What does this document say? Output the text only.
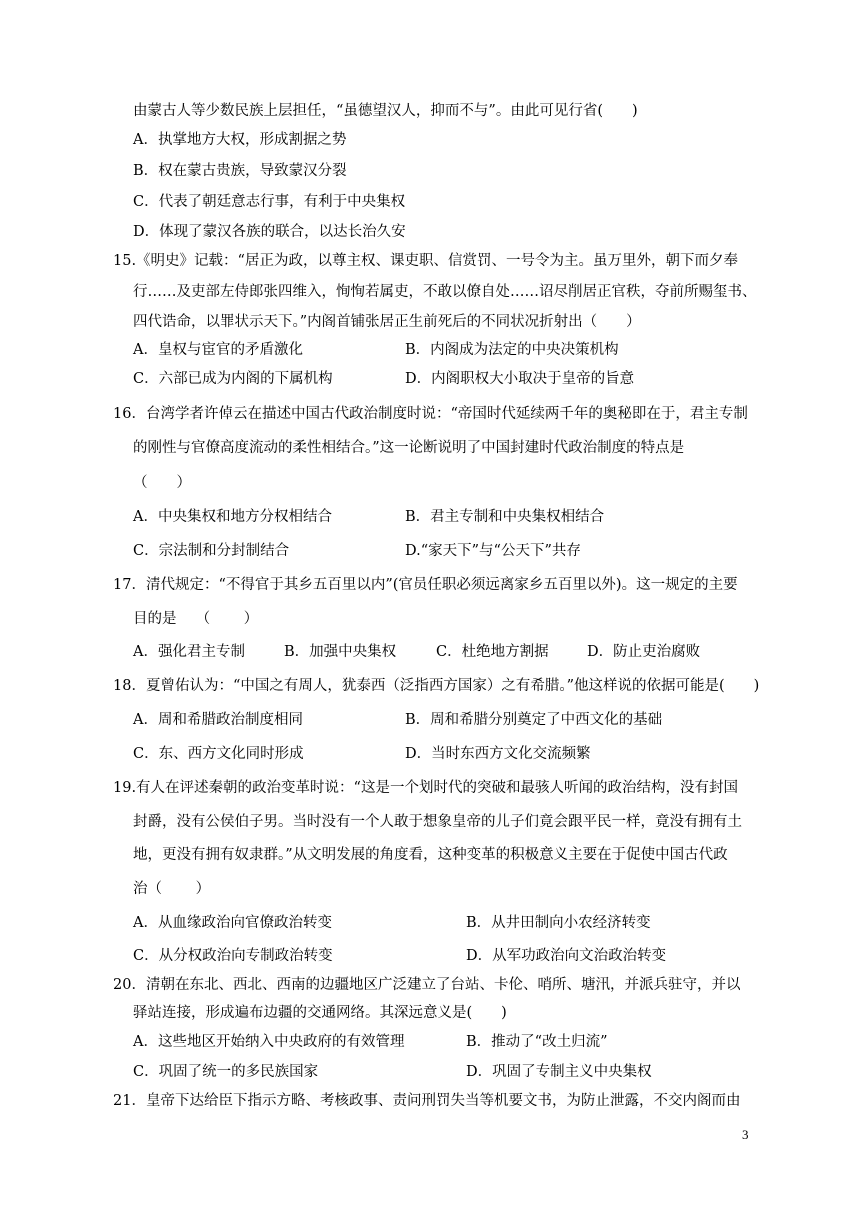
由蒙古人等少数民族上层担任，“虽德望汉人，抑而不与”。由此可见行省(　　)
A．执掌地方大权，形成割据之势
B．权在蒙古贵族，导致蒙汉分裂
C．代表了朝廷意志行事，有利于中央集权
D．体现了蒙汉各族的联合，以达长治久安
15.《明史》记载：“居正为政，以尊主权、课吏职、信赏罚、一号令为主。虽万里外，朝下而夕奉
行……及吏部左侍郎张四维入，恂恂若属吏，不敢以僚自处……诏尽削居正官秩，夺前所赐玺书、
四代诰命，以罪状示天下。”内阁首铺张居正生前死后的不同状况折射出（　　）
A．皇权与宦官的矛盾激化	B．内阁成为法定的中央决策机构
C．六部已成为内阁的下属机构	D．内阁职权大小取决于皇帝的旨意
16．台湾学者许倬云在描述中国古代政治制度时说：“帝国时代延续两千年的奥秘即在于，君主专制
的刚性与官僚高度流动的柔性相结合。”这一论断说明了中国封建时代政治制度的特点是
（　　）
A．中央集权和地方分权相结合	B．君主专制和中央集权相结合
C．宗法制和分封制结合	D.“家天下”与“公天下”共存
17．清代规定：“不得官于其乡五百里以内”(官员任职必须远离家乡五百里以外)。这一规定的主要
目的是　 （　　 ）
A．强化君主专制	B．加强中央集权	C．杜绝地方割据	D．防止吏治腐败
18．夏曾佑认为：“中国之有周人，犹泰西（泛指西方国家）之有希腊。”他这样说的依据可能是(　　)
A．周和希腊政治制度相同	B．周和希腊分别奠定了中西文化的基础
C．东、西方文化同时形成	D．当时东西方文化交流频繁
19.有人在评述秦朝的政治变革时说：“这是一个划时代的突破和最骇人听闻的政治结构，没有封国
封爵，没有公侯伯子男。当时没有一个人敢于想象皇帝的儿子们竟会跟平民一样，竟没有拥有土
地，更没有拥有奴隶群。”从文明发展的角度看，这种变革的积极意义主要在于促使中国古代政
治（　　 ）
A．从血缘政治向官僚政治转变	B．从井田制向小农经济转变
C．从分权政治向专制政治转变	D．从军功政治向文治政治转变
20．清朝在东北、西北、西南的边疆地区广泛建立了台站、卡伦、哨所、塘汛，并派兵驻守，并以
驿站连接，形成遍布边疆的交通网络。其深远意义是(　　)
A．这些地区开始纳入中央政府的有效管理	B．推动了“改土归流”
C．巩固了统一的多民族国家	D．巩固了专制主义中央集权
21．皇帝下达给臣下指示方略、考核政事、责问刑罚失当等机要文书，为防止泄露，不交内阁而由
3
